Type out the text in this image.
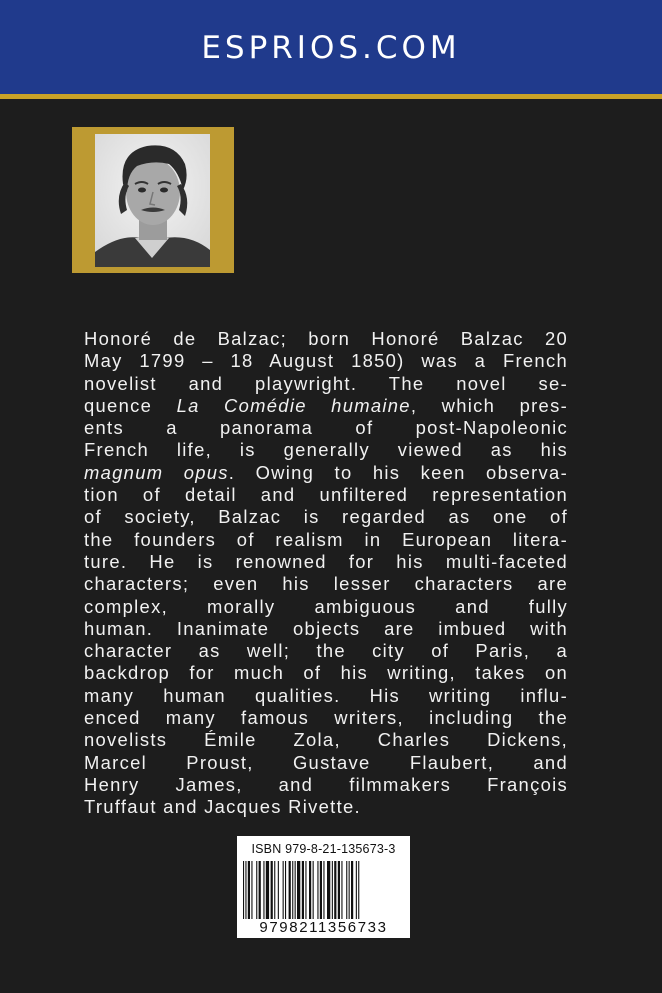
ESPRIOS.COM
Honoré de Balzac; born Honoré Balzac 20
May 1799 – 18 August 1850) was a French
novelist and playwright. The novel se-
quence La Comédie humaine, which pres-
ents a panorama of post-Napoleonic
French life, is generally viewed as his
magnum opus. Owing to his keen observa-
tion of detail and unfiltered representation
of society, Balzac is regarded as one of
the founders of realism in European litera-
ture. He is renowned for his multi-faceted
characters; even his lesser characters are
complex, morally ambiguous and fully
human. Inanimate objects are imbued with
character as well; the city of Paris, a
backdrop for much of his writing, takes on
many human qualities. His writing influ-
enced many famous writers, including the
novelists Émile Zola, Charles Dickens,
Marcel Proust, Gustave Flaubert, and
Henry James, and filmmakers François
Truffaut and Jacques Rivette.
ISBN 979-8-21-135673-3
9798211356733
